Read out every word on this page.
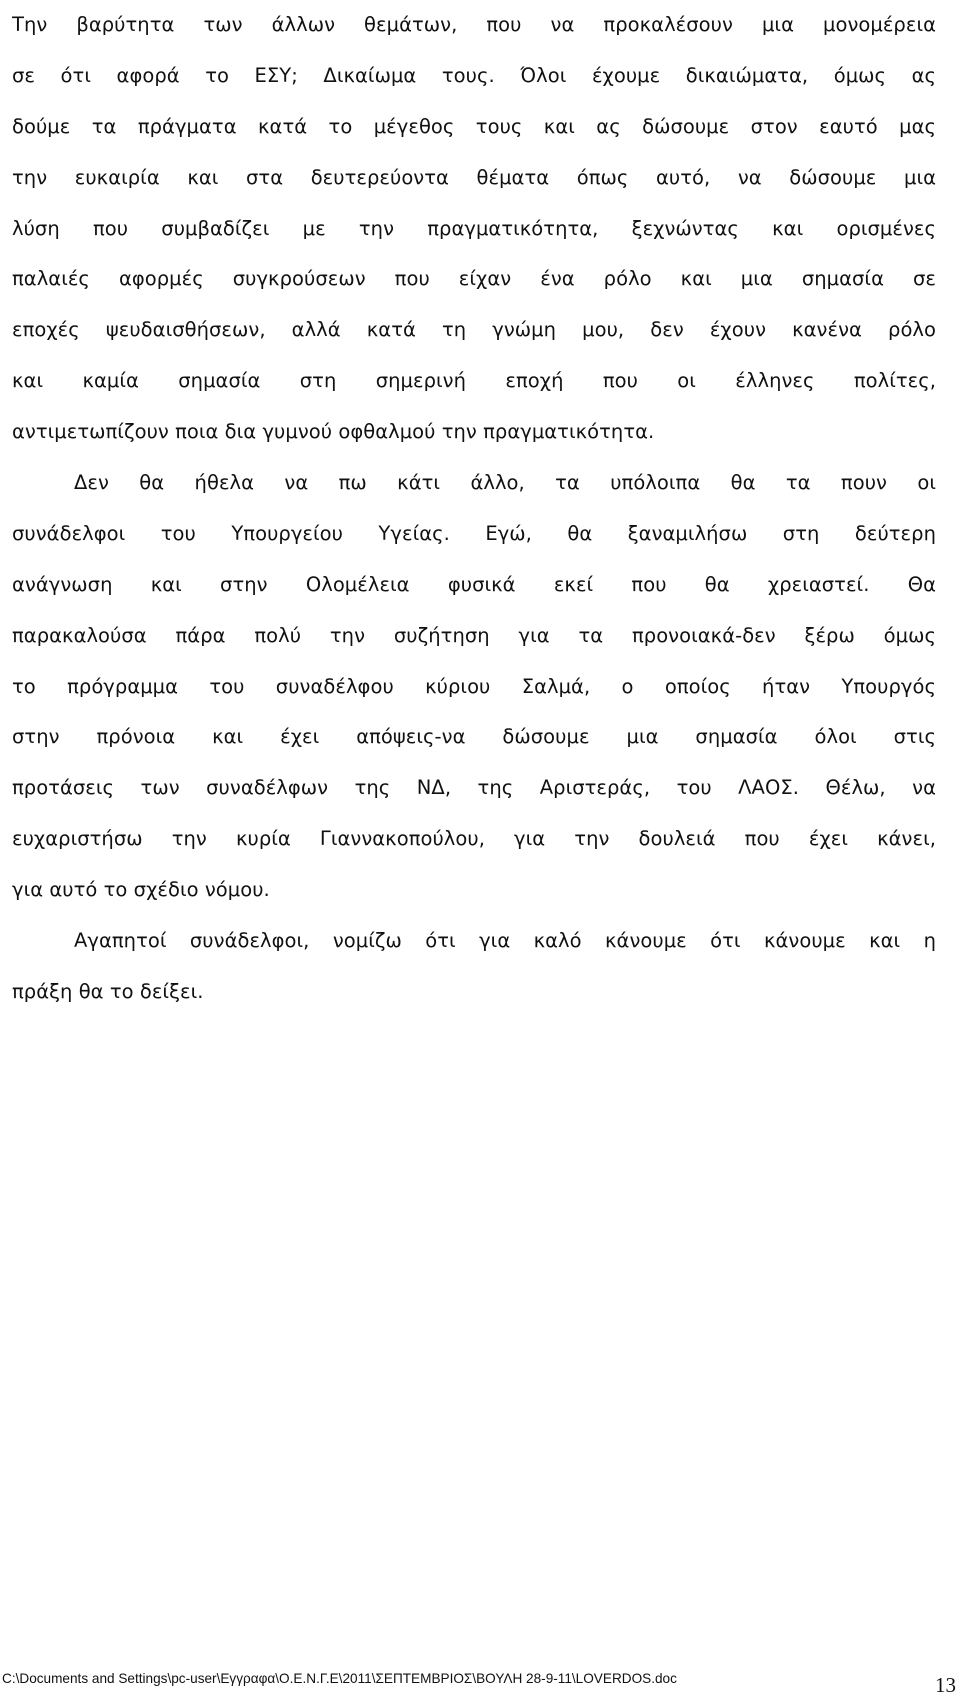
Την βαρύτητα των άλλων θεμάτων, που να προκαλέσουν μια μονομέρεια
σε ότι αφορά το ΕΣΥ; Δικαίωμα τους. Όλοι έχουμε δικαιώματα, όμως ας
δούμε τα πράγματα κατά το μέγεθος τους και ας δώσουμε στον εαυτό μας
την ευκαιρία και στα δευτερεύοντα θέματα όπως αυτό, να δώσουμε μια
λύση που συμβαδίζει με την πραγματικότητα, ξεχνώντας και ορισμένες
παλαιές αφορμές συγκρούσεων που είχαν ένα ρόλο και μια σημασία σε
εποχές ψευδαισθήσεων, αλλά κατά τη γνώμη μου, δεν έχουν κανένα ρόλο
και καμία σημασία στη σημερινή εποχή που οι έλληνες πολίτες,
αντιμετωπίζουν ποια δια γυμνού οφθαλμού την πραγματικότητα.
Δεν θα ήθελα να πω κάτι άλλο, τα υπόλοιπα θα τα πουν οι
συνάδελφοι του Υπουργείου Υγείας. Εγώ, θα ξαναμιλήσω στη δεύτερη
ανάγνωση και στην Ολομέλεια φυσικά εκεί που θα χρειαστεί. Θα
παρακαλούσα πάρα πολύ την συζήτηση για τα προνοιακά-δεν ξέρω όμως
το πρόγραμμα του συναδέλφου κύριου Σαλμά, ο οποίος ήταν Υπουργός
στην πρόνοια και έχει απόψεις-να δώσουμε μια σημασία όλοι στις
προτάσεις των συναδέλφων της ΝΔ, της Αριστεράς, του ΛΑΟΣ. Θέλω, να
ευχαριστήσω την κυρία Γιαννακοπούλου, για την δουλειά που έχει κάνει,
για αυτό το σχέδιο νόμου.
Αγαπητοί συνάδελφοι, νομίζω ότι για καλό κάνουμε ότι κάνουμε και η
πράξη θα το δείξει.
C:\Documents and Settings\pc-user\Εγγραφα\Ο.Ε.Ν.Γ.Ε\2011\ΣΕΠΤΕΜΒΡΙΟΣ\ΒΟΥΛΗ 28-9-11\LOVERDOS.doc	13
